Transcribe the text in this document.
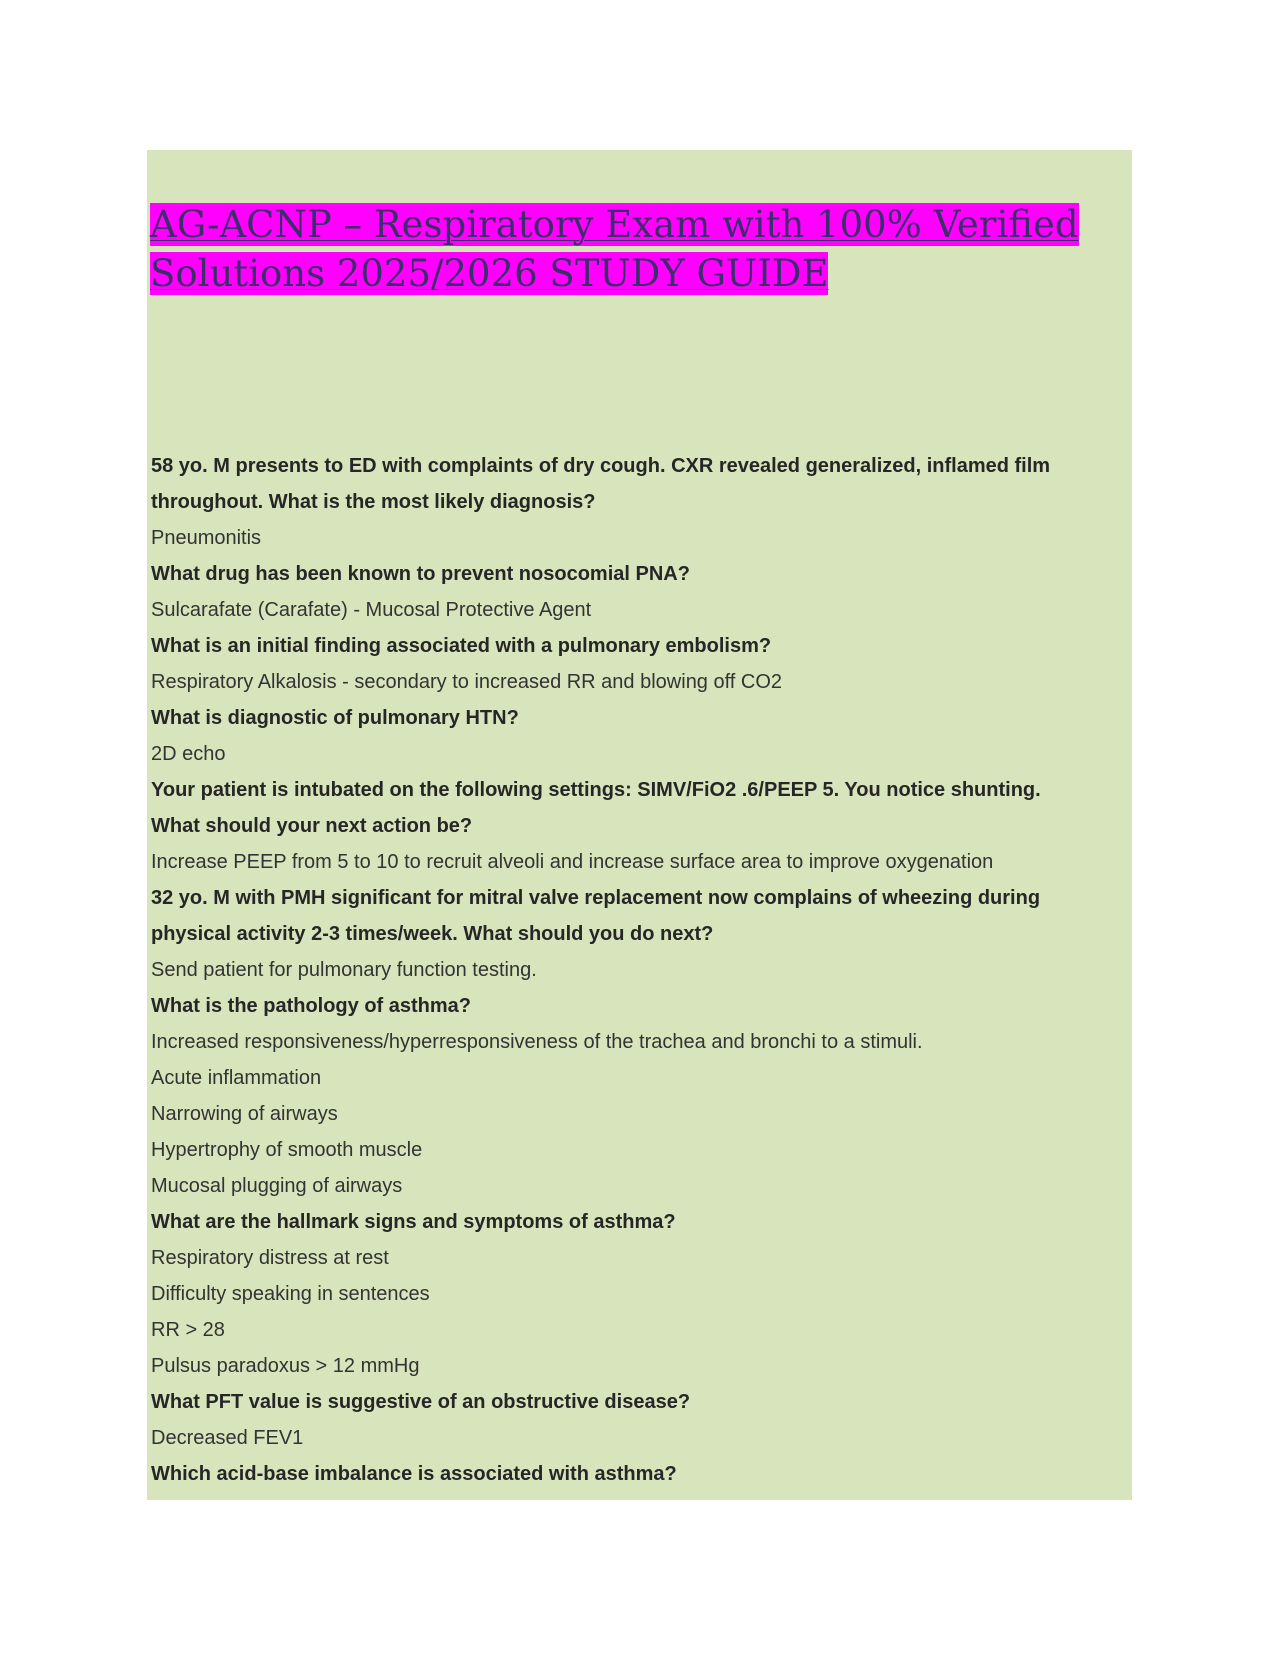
AG-ACNP – Respiratory Exam with 100% Verified
Solutions 2025/2026 STUDY GUIDE
58 yo. M presents to ED with complaints of dry cough. CXR revealed generalized, inflamed film
throughout. What is the most likely diagnosis?
Pneumonitis
What drug has been known to prevent nosocomial PNA?
Sulcarafate (Carafate) - Mucosal Protective Agent
What is an initial finding associated with a pulmonary embolism?
Respiratory Alkalosis - secondary to increased RR and blowing off CO2
What is diagnostic of pulmonary HTN?
2D echo
Your patient is intubated on the following settings: SIMV/FiO2 .6/PEEP 5. You notice shunting.
What should your next action be?
Increase PEEP from 5 to 10 to recruit alveoli and increase surface area to improve oxygenation
32 yo. M with PMH significant for mitral valve replacement now complains of wheezing during
physical activity 2-3 times/week. What should you do next?
Send patient for pulmonary function testing.
What is the pathology of asthma?
Increased responsiveness/hyperresponsiveness of the trachea and bronchi to a stimuli.
Acute inflammation
Narrowing of airways
Hypertrophy of smooth muscle
Mucosal plugging of airways
What are the hallmark signs and symptoms of asthma?
Respiratory distress at rest
Difficulty speaking in sentences
RR > 28
Pulsus paradoxus > 12 mmHg
What PFT value is suggestive of an obstructive disease?
Decreased FEV1
Which acid-base imbalance is associated with asthma?
